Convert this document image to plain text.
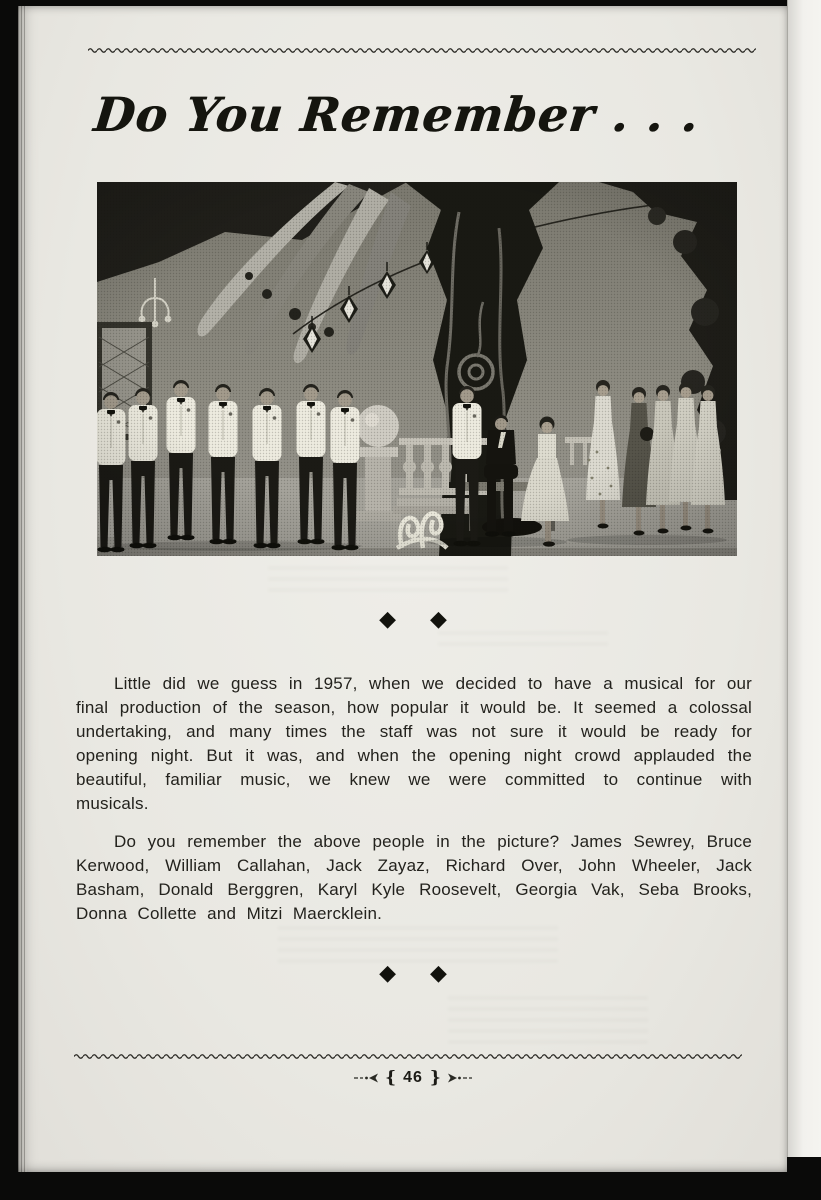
Do You Remember . . .
◆ ◆

Little did we guess in 1957, when we decided to have a musical for our final production of the season, how popular it would be. It seemed a colossal undertaking, and many times the staff was not sure it would be ready for opening night. But it was, and when the opening night crowd applauded the beautiful, familiar music, we knew we were committed to continue with musicals.

Do you remember the above people in the picture? James Sewrey, Bruce Kerwood, William Callahan, Jack Zayaz, Richard Over, John Wheeler, Jack Basham, Donald Berggren, Karyl Kyle Roosevelt, Georgia Vak, Seba Brooks, Donna Collette and Mitzi Maercklein.

◆ ◆
{ 46 }
